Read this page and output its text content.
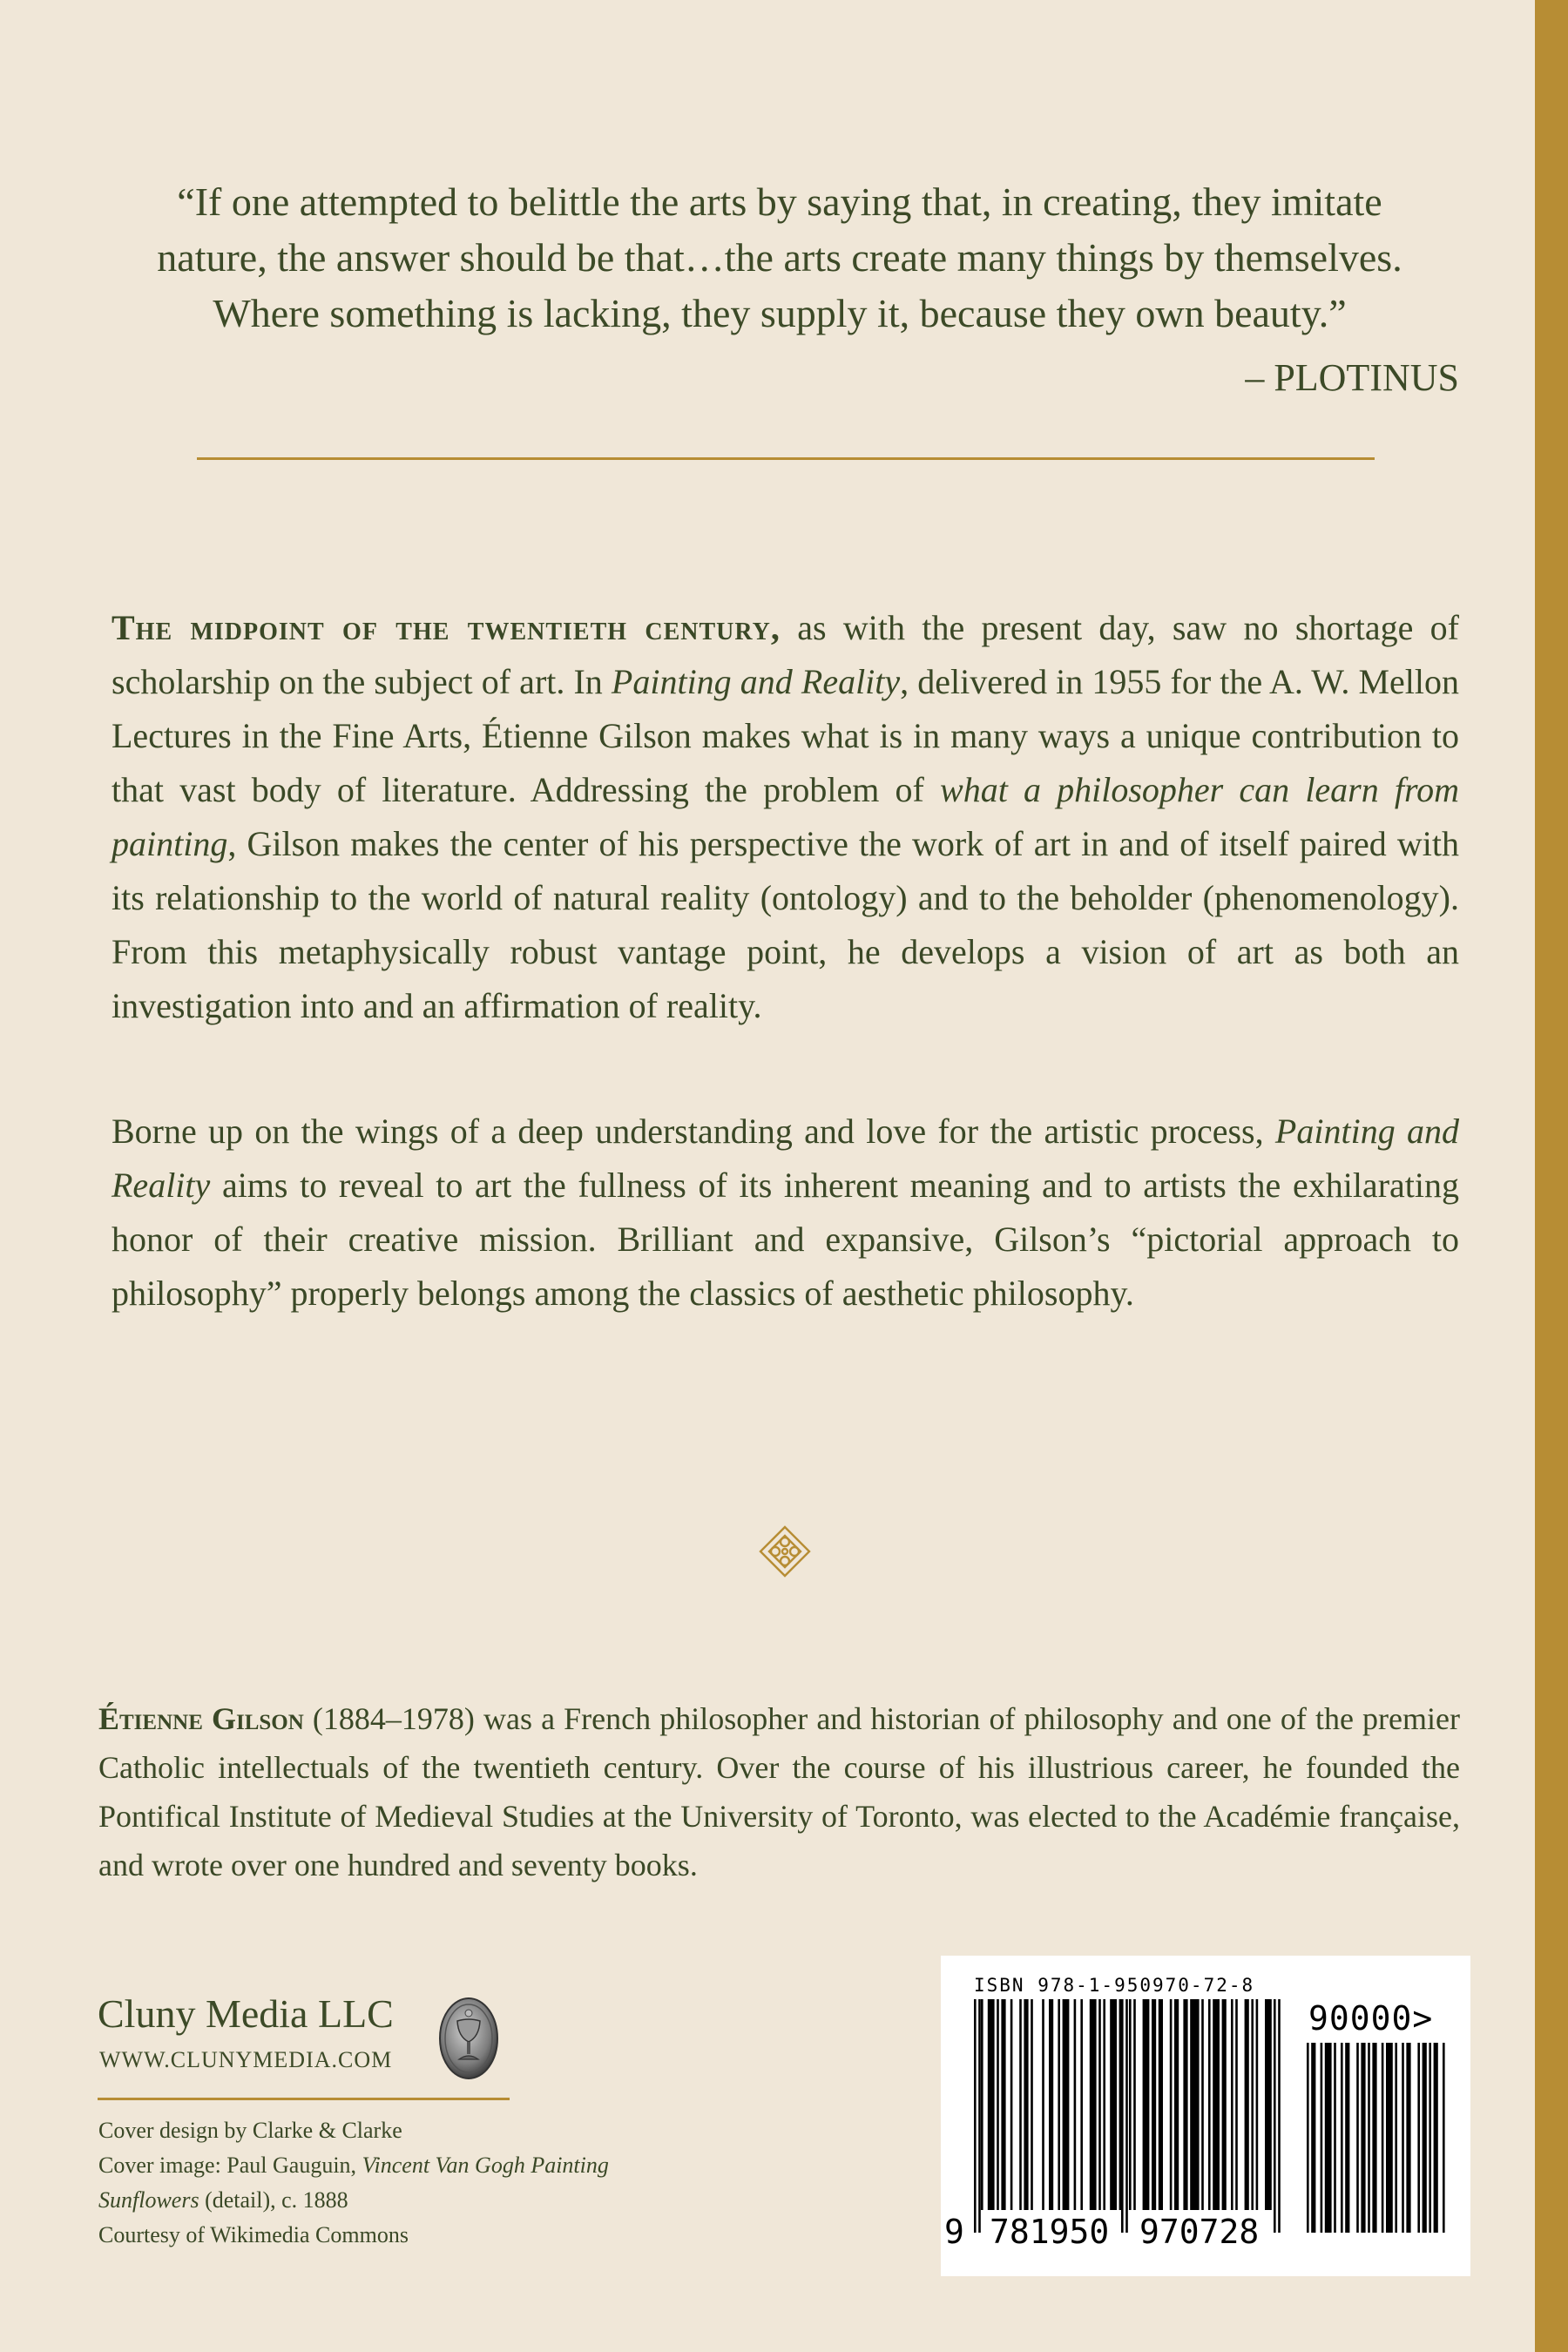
“If one attempted to belittle the arts by saying that, in creating, they imitate

nature, the answer should be that…the arts create many things by themselves.

Where something is lacking, they supply it, because they own beauty.”

– PLOTINUS

The midpoint of the twentieth century, as with the present day, saw no shortage of scholarship on the subject of art. In Painting and Reality, delivered in 1955 for the A. W. Mellon Lectures in the Fine Arts, Étienne Gilson makes what is in many ways a unique contribution to that vast body of literature. Addressing the problem of what a philosopher can learn from painting, Gilson makes the center of his perspective the work of art in and of itself paired with its relationship to the world of natural reality (ontology) and to the beholder (phenomenology). From this metaphysically robust vantage point, he develops a vision of art as both an investigation into and an affirmation of reality.

Borne up on the wings of a deep understanding and love for the artistic process, Painting and Reality aims to reveal to art the fullness of its inherent meaning and to artists the exhilarating honor of their creative mission. Brilliant and expansive, Gilson’s “pictorial approach to philosophy” properly belongs among the classics of aesthetic philosophy.

Étienne Gilson (1884–1978) was a French philosopher and historian of philosophy and one of the premier Catholic intellectuals of the twentieth century. Over the course of his illustrious career, he founded the Pontifical Institute of Medieval Studies at the University of Toronto, was elected to the Académie française, and wrote over one hundred and seventy books.

Cluny Media LLC
WWW.CLUNYMEDIA.COM
Cover design by Clarke & Clarke
Cover image: Paul Gauguin, Vincent Van Gogh Painting
Sunflowers (detail), c. 1888
Courtesy of Wikimedia Commons
ISBN 978-1-950970-72-8
90000>
9 781950 970728
